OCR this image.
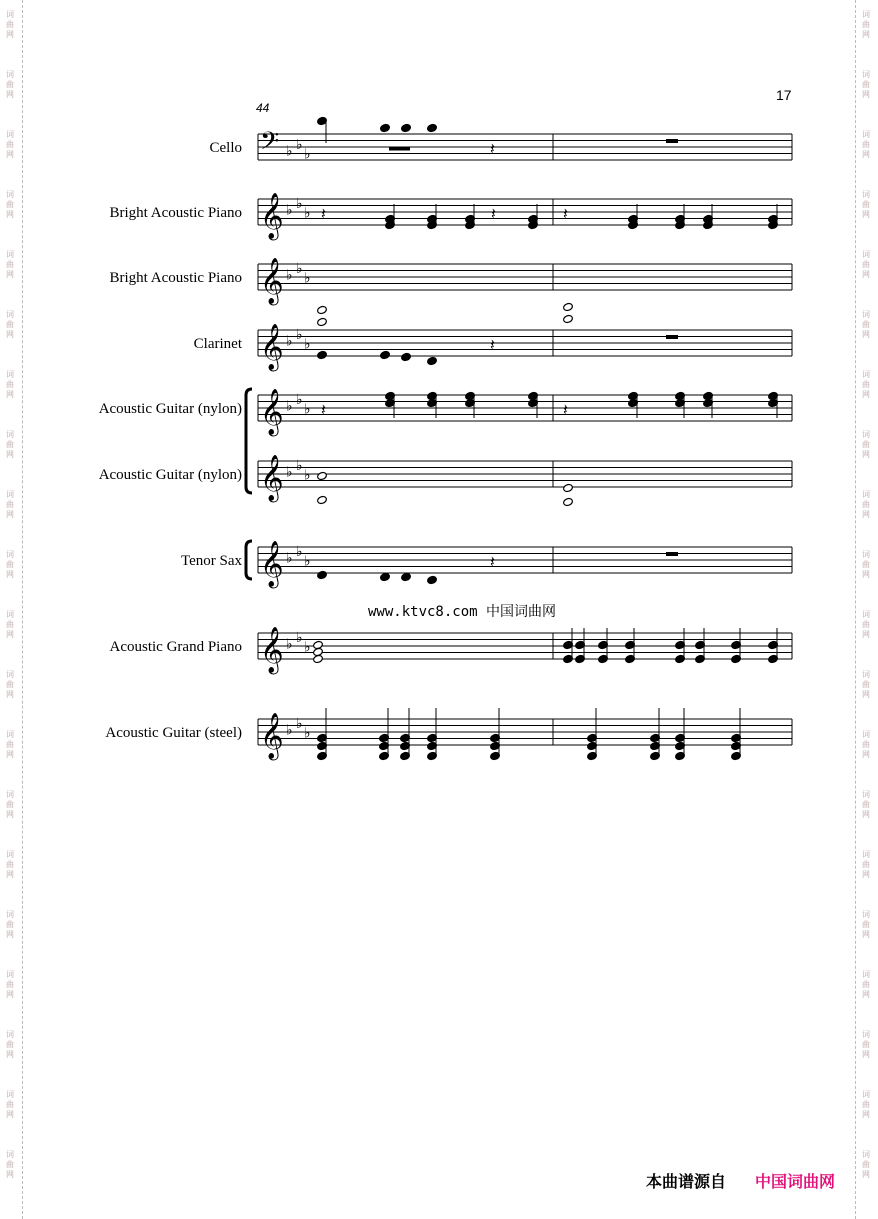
词
曲
网
词
曲
网
词
曲
网
词
曲
网
词
曲
网
词
曲
网
词
曲
网
词
曲
网
词
曲
网
词
曲
网
词
曲
网
词
曲
网
词
曲
网
词
曲
网
词
曲
网
词
曲
网
词
曲
网
词
曲
网
词
曲
网
词
曲
网
词
曲
网
词
曲
网
词
曲
网
词
曲
网
词
曲
网
词
曲
网
词
曲
网
词
曲
网
词
曲
网
词
曲
网
词
曲
网
词
曲
网
词
曲
网
词
曲
网
词
曲
网
词
曲
网
词
曲
网
词
曲
网
词
曲
网
词
曲
网
17
44
Cello
Bright Acoustic Piano
Bright Acoustic Piano
Clarinet
Acoustic Guitar (nylon)
Acoustic Guitar (nylon)
Tenor Sax
Acoustic Grand Piano
Acoustic Guitar (steel)
www.ktvc8.com 中国词曲网
本曲谱源自 中国词曲网
𝄢 ♭ ♭
♭
𝄞 ♭ ♭
♭
𝄞 ♭ ♭
♭
𝄞 ♭ ♭
♭
𝄞 ♭ ♭
♭
𝄞 ♭ ♭
♭
𝄞 ♭ ♭
♭
𝄞 ♭ ♭
♭
𝄞 ♭ ♭
♭
𝄽
𝄽	𝄽	𝄽
𝄽
𝄽	𝄽
𝄽
